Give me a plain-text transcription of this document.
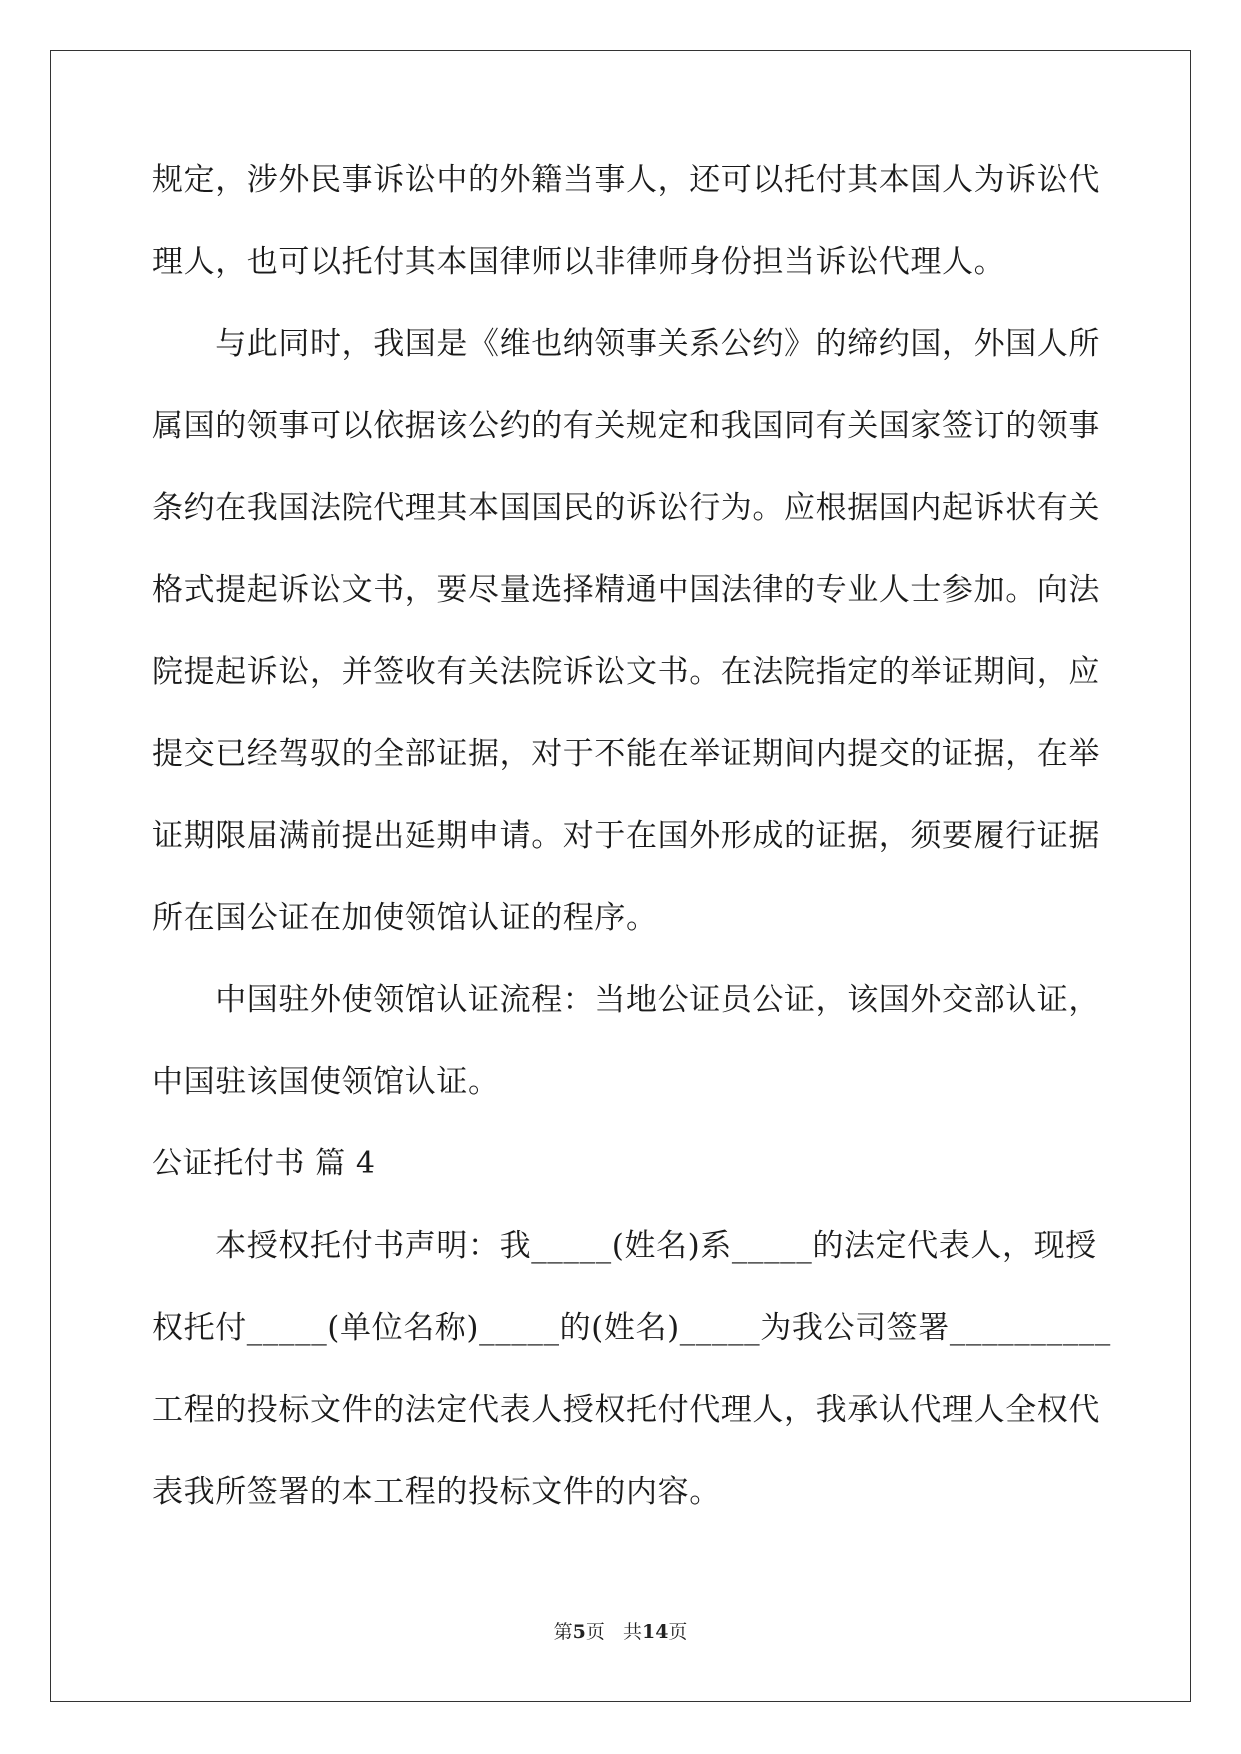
规定，涉外民事诉讼中的外籍当事人，还可以托付其本国人为诉讼代
理人，也可以托付其本国律师以非律师身份担当诉讼代理人。
　　与此同时，我国是《维也纳领事关系公约》的缔约国，外国人所
属国的领事可以依据该公约的有关规定和我国同有关国家签订的领事
条约在我国法院代理其本国国民的诉讼行为。应根据国内起诉状有关
格式提起诉讼文书，要尽量选择精通中国法律的专业人士参加。向法
院提起诉讼，并签收有关法院诉讼文书。在法院指定的举证期间，应
提交已经驾驭的全部证据，对于不能在举证期间内提交的证据，在举
证期限届满前提出延期申请。对于在国外形成的证据，须要履行证据
所在国公证在加使领馆认证的程序。
　　中国驻外使领馆认证流程：当地公证员公证，该国外交部认证，
中国驻该国使领馆认证。
公证托付书 篇 4
　　本授权托付书声明：我_____(姓名)系_____的法定代表人，现授
权托付_____(单位名称)_____的(姓名)_____为我公司签署__________
工程的投标文件的法定代表人授权托付代理人，我承认代理人全权代
表我所签署的本工程的投标文件的内容。
第5页 共14页
